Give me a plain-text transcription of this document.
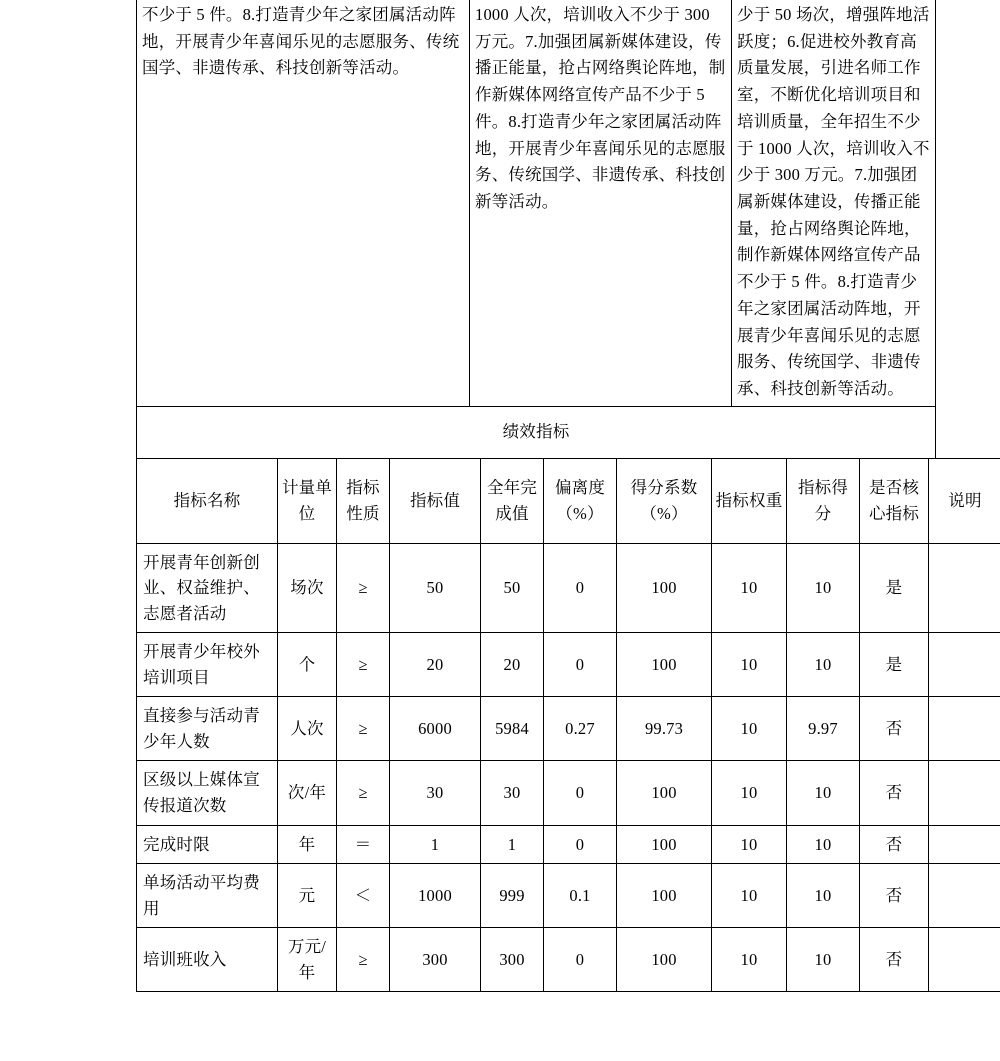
不少于 5 件。8.打造青少年之家团属活动阵地，开展青少年喜闻乐见的志愿服务、传统国学、非遗传承、科技创新等活动。	1000 人次，培训收入不少于 300 万元。7.加强团属新媒体建设，传播正能量，抢占网络舆论阵地，制作新媒体网络宣传产品不少于 5 件。8.打造青少年之家团属活动阵地，开展青少年喜闻乐见的志愿服务、传统国学、非遗传承、科技创新等活动。	少于 50 场次，增强阵地活跃度；6.促进校外教育高质量发展，引进名师工作室，不断优化培训项目和培训质量，全年招生不少于 1000 人次，培训收入不少于 300 万元。7.加强团属新媒体建设，传播正能量，抢占网络舆论阵地，制作新媒体网络宣传产品不少于 5 件。8.打造青少年之家团属活动阵地，开展青少年喜闻乐见的志愿服务、传统国学、非遗传承、科技创新等活动。
绩效指标
指标名称	计量单位	指标性质	指标值	全年完成值	偏离度（%）	得分系数（%）	指标权重	指标得分	是否核心指标	说明
开展青年创新创业、权益维护、志愿者活动	场次	≥	50	50	0	100	10	10	是	
开展青少年校外培训项目	个	≥	20	20	0	100	10	10	是	
直接参与活动青少年人数	人次	≥	6000	5984	0.27	99.73	10	9.97	否	
区级以上媒体宣传报道次数	次/年	≥	30	30	0	100	10	10	否	
完成时限	年	＝	1	1	0	100	10	10	否	
单场活动平均费用	元	＜	1000	999	0.1	100	10	10	否	
培训班收入	万元/年	≥	300	300	0	100	10	10	否	
